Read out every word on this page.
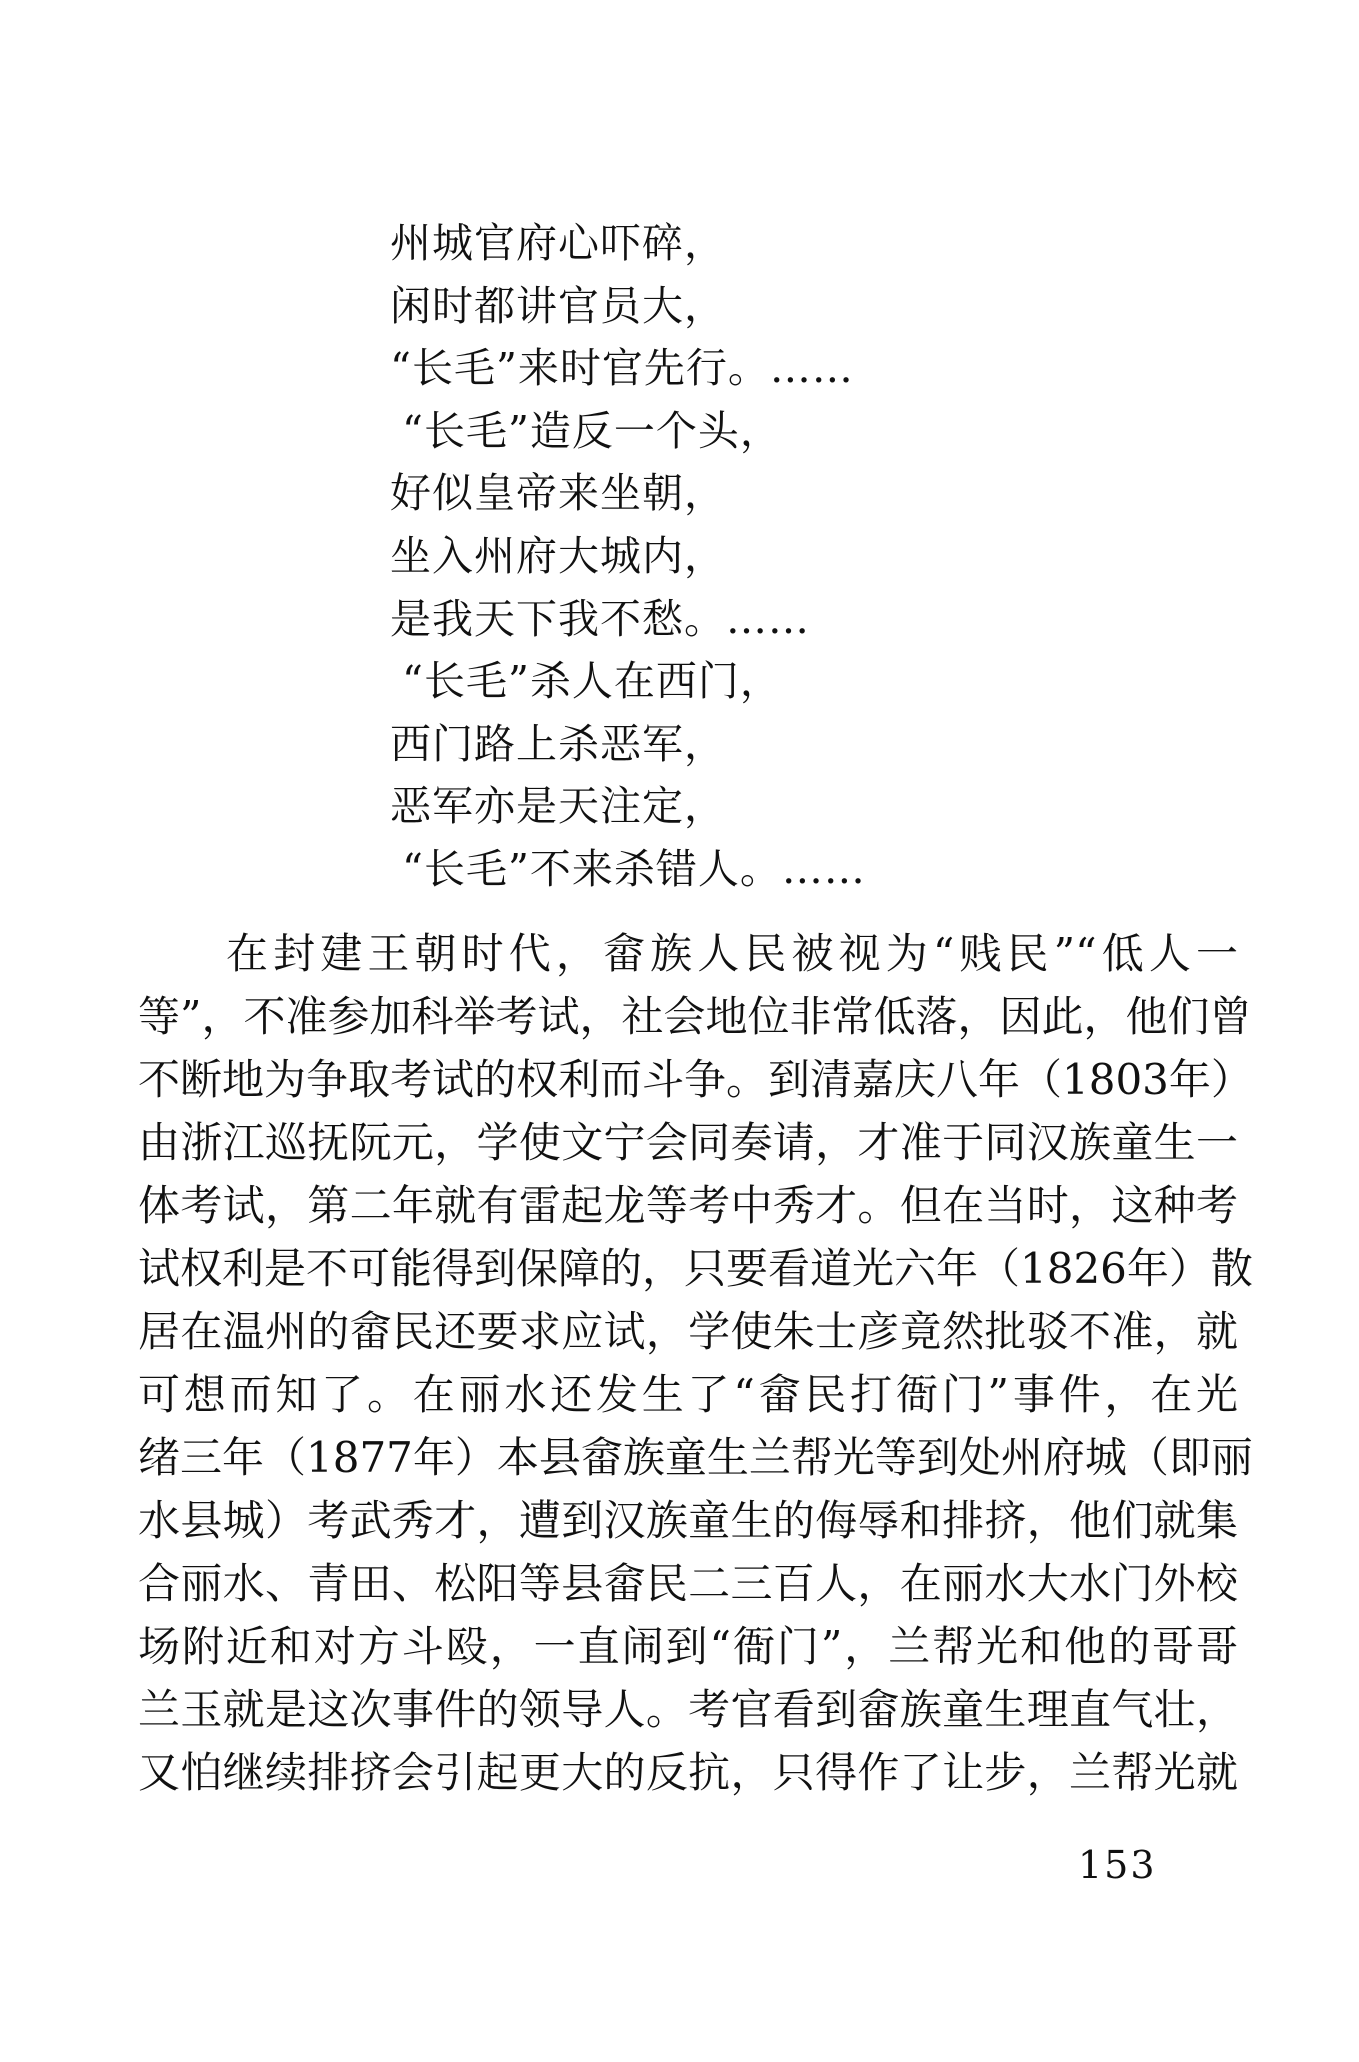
州城官府心吓碎，
闲时都讲官员大，
“长毛”来时官先行。……
“长毛”造反一个头，
好似皇帝来坐朝，
坐入州府大城内，
是我天下我不愁。……
“长毛”杀人在西门，
西门路上杀恶军，
恶军亦是天注定，
“长毛”不来杀错人。……
在封建王朝时代，畲族人民被视为“贱民”“低人一
等”，不准参加科举考试，社会地位非常低落，因此，他们曾
不断地为争取考试的权利而斗争。到清嘉庆八年（1803年）
由浙江巡抚阮元，学使文宁会同奏请，才准于同汉族童生一
体考试，第二年就有雷起龙等考中秀才。但在当时，这种考
试权利是不可能得到保障的，只要看道光六年（1826年）散
居在温州的畲民还要求应试，学使朱士彦竟然批驳不准，就
可想而知了。在丽水还发生了“畲民打衙门”事件，在光
绪三年（1877年）本县畲族童生兰帮光等到处州府城（即丽
水县城）考武秀才，遭到汉族童生的侮辱和排挤，他们就集
合丽水、青田、松阳等县畲民二三百人，在丽水大水门外校
场附近和对方斗殴，一直闹到“衙门”，兰帮光和他的哥哥
兰玉就是这次事件的领导人。考官看到畲族童生理直气壮，
又怕继续排挤会引起更大的反抗，只得作了让步，兰帮光就
153
